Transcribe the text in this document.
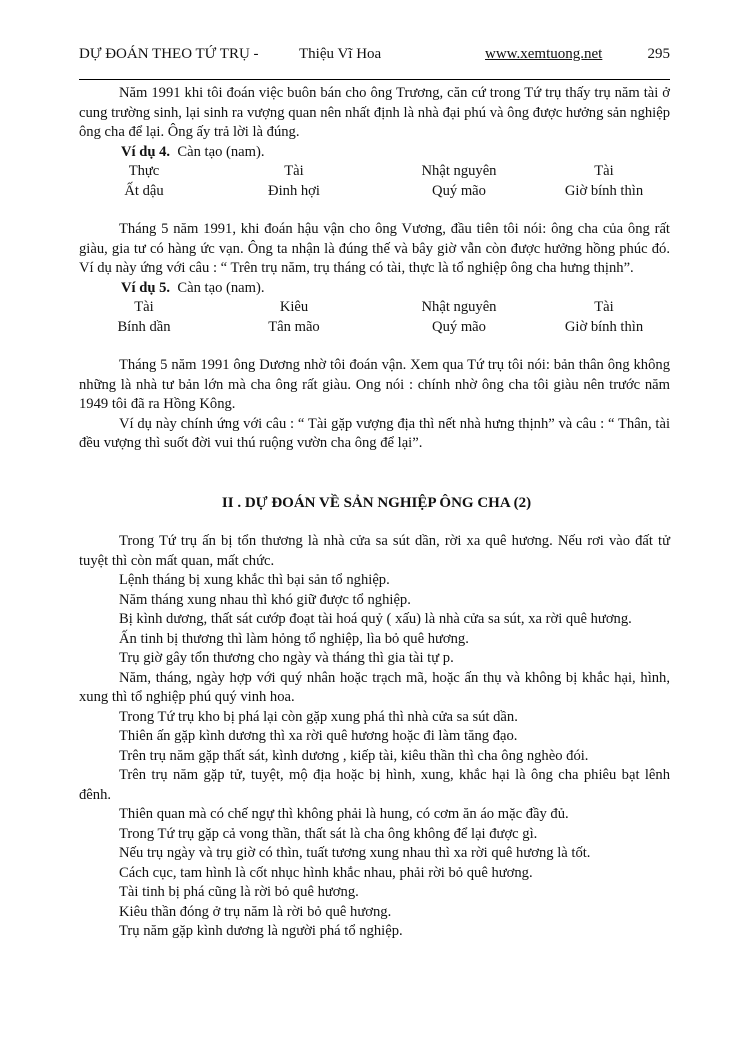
DỰ ĐOÁN THEO TỨ TRỤ -	Thiệu Vĩ Hoa	www.xemtuong.net	295

Năm 1991 khi tôi đoán việc buôn bán cho ông Trương, căn cứ trong Tứ trụ thấy trụ năm tài ở cung trường sinh, lại sinh ra vượng quan nên nhất định là nhà đại phú và ông được hưởng sản nghiệp ông cha để lại. Ông ấy trả lời là đúng.

Ví dụ 4. Càn tạo (nam).
Thực	Tài	Nhật nguyên	Tài
Ất dậu	Đinh hợi	Quý mão	Giờ bính thìn

Tháng 5 năm 1991, khi đoán hậu vận cho ông Vương, đầu tiên tôi nói: ông cha của ông rất giàu, gia tư có hàng ức vạn. Ông ta nhận là đúng thế và bây giờ vẫn còn được hưởng hồng phúc đó. Ví dụ này ứng với câu : “ Trên trụ năm, trụ tháng có tài, thực là tổ nghiệp ông cha hưng thịnh”.

Ví dụ 5. Càn tạo (nam).
Tài	Kiêu	Nhật nguyên	Tài
Bính dần	Tân mão	Quý mão	Giờ bính thìn

Tháng 5 năm 1991 ông Dương nhờ tôi đoán vận. Xem qua Tứ trụ tôi nói: bản thân ông không những là nhà tư bản lớn mà cha ông rất giàu. Ong nói : chính nhờ ông cha tôi giàu nên trước năm 1949 tôi đã ra Hồng Kông.

Ví dụ này chính ứng với câu : “ Tài gặp vượng địa thì nết nhà hưng thịnh” và câu : “ Thân, tài đều vượng thì suốt đời vui thú ruộng vườn cha ông để lại”.

II . DỰ ĐOÁN VỀ SẢN NGHIỆP ÔNG CHA (2)

Trong Tứ trụ ấn bị tổn thương là nhà cửa sa sút dần, rời xa quê hương. Nếu rơi vào đất tử tuyệt thì còn mất quan, mất chức.

Lệnh tháng bị xung khắc thì bại sản tổ nghiệp.

Năm tháng xung nhau thì khó giữ được tổ nghiệp.

Bị kình dương, thất sát cướp đoạt tài hoá quỷ ( xấu) là nhà cửa sa sút, xa rời quê hương.

Ấn tinh bị thương thì làm hỏng tổ nghiệp, lìa bỏ quê hương.

Trụ giờ gây tổn thương cho ngày và tháng thì gia tài tự p.

Năm, tháng, ngày hợp với quý nhân hoặc trạch mã, hoặc ấn thụ và không bị khắc hại, hình, xung thì tổ nghiệp phú quý vinh hoa.

Trong Tứ trụ kho bị phá lại còn gặp xung phá thì nhà cửa sa sút dần.

Thiên ấn gặp kình dương thì xa rời quê hương hoặc đi làm tăng đạo.

Trên trụ năm gặp thất sát, kình dương , kiếp tài, kiêu thần thì cha ông nghèo đói.

Trên trụ năm gặp tử, tuyệt, mộ địa hoặc bị hình, xung, khắc hại là ông cha phiêu bạt lênh đênh.

Thiên quan mà có chế ngự thì không phải là hung, có cơm ăn áo mặc đầy đủ.

Trong Tứ trụ gặp cả vong thần, thất sát là cha ông không để lại được gì.

Nếu trụ ngày và trụ giờ có thìn, tuất tương xung nhau thì xa rời quê hương là tốt.

Cách cục, tam hình là cốt nhục hình khắc nhau, phải rời bỏ quê hương.

Tài tinh bị phá cũng là rời bỏ quê hương.

Kiêu thần đóng ở trụ năm là rời bỏ quê hương.

Trụ năm gặp kình dương là người phá tổ nghiệp.
